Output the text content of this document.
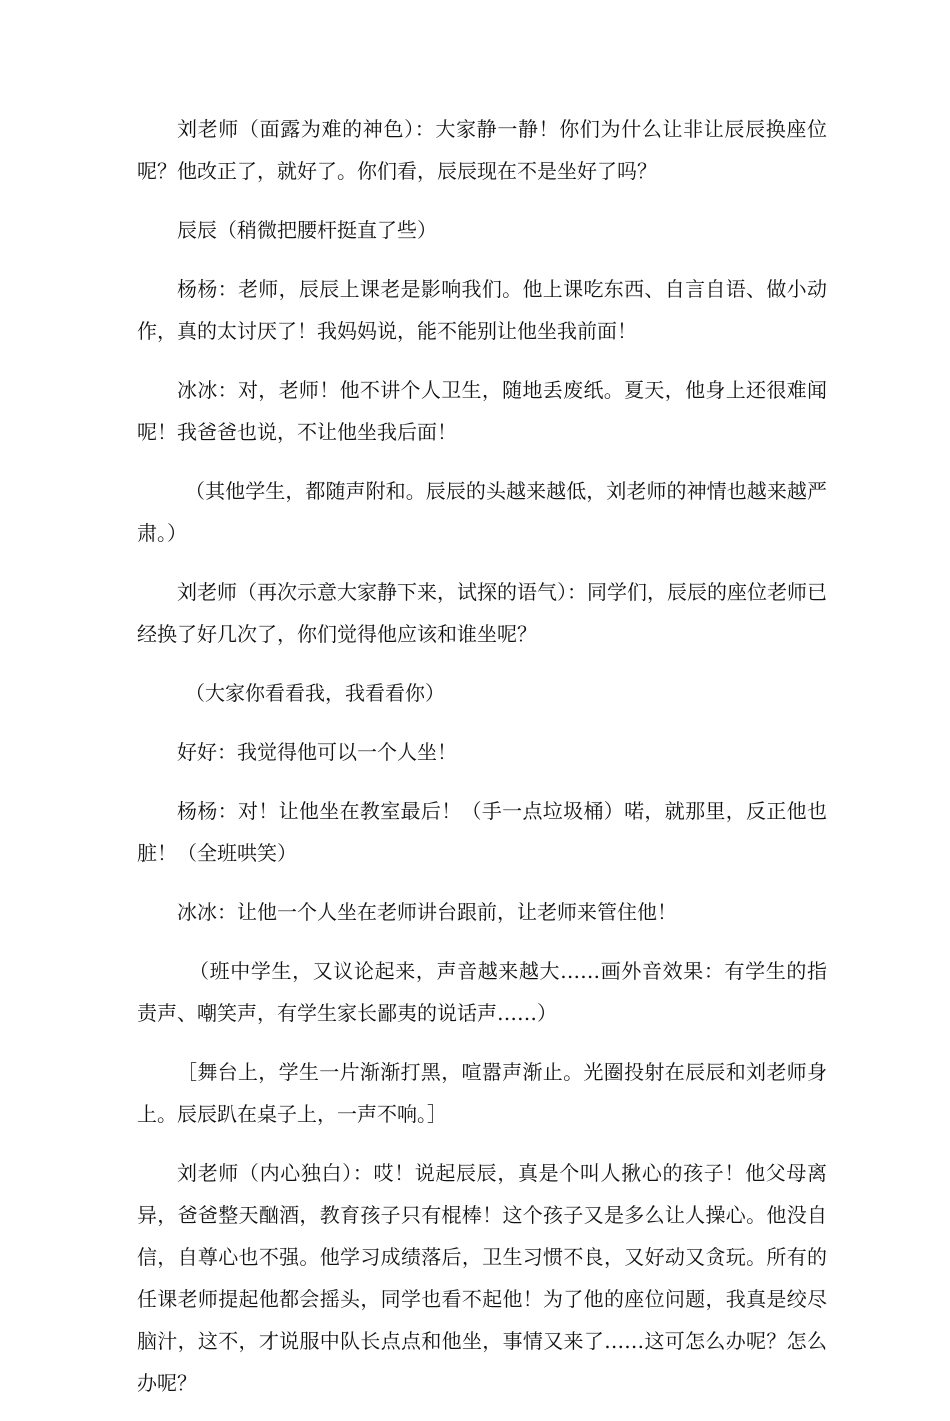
刘老师（面露为难的神色）：大家静一静！你们为什么让非让辰辰换座位呢？他改正了，就好了。你们看，辰辰现在不是坐好了吗？

辰辰（稍微把腰杆挺直了些）

杨杨：老师，辰辰上课老是影响我们。他上课吃东西、自言自语、做小动作，真的太讨厌了！我妈妈说，能不能别让他坐我前面！

冰冰：对，老师！他不讲个人卫生，随地丢废纸。夏天，他身上还很难闻呢！我爸爸也说，不让他坐我后面！

（其他学生，都随声附和。辰辰的头越来越低，刘老师的神情也越来越严肃。）

刘老师（再次示意大家静下来，试探的语气）：同学们，辰辰的座位老师已经换了好几次了，你们觉得他应该和谁坐呢？

（大家你看看我，我看看你）

好好：我觉得他可以一个人坐！

杨杨：对！让他坐在教室最后！（手一点垃圾桶）喏，就那里，反正他也脏！（全班哄笑）

冰冰：让他一个人坐在老师讲台跟前，让老师来管住他！

（班中学生，又议论起来，声音越来越大……画外音效果：有学生的指责声、嘲笑声，有学生家长鄙夷的说话声……）

［舞台上，学生一片渐渐打黑，喧嚣声渐止。光圈投射在辰辰和刘老师身上。辰辰趴在桌子上，一声不响。］

刘老师（内心独白）：哎！说起辰辰，真是个叫人揪心的孩子！他父母离异，爸爸整天酗酒，教育孩子只有棍棒！这个孩子又是多么让人操心。他没自信，自尊心也不强。他学习成绩落后，卫生习惯不良，又好动又贪玩。所有的任课老师提起他都会摇头，同学也看不起他！为了他的座位问题，我真是绞尽脑汁，这不，才说服中队长点点和他坐，事情又来了……这可怎么办呢？怎么办呢？
